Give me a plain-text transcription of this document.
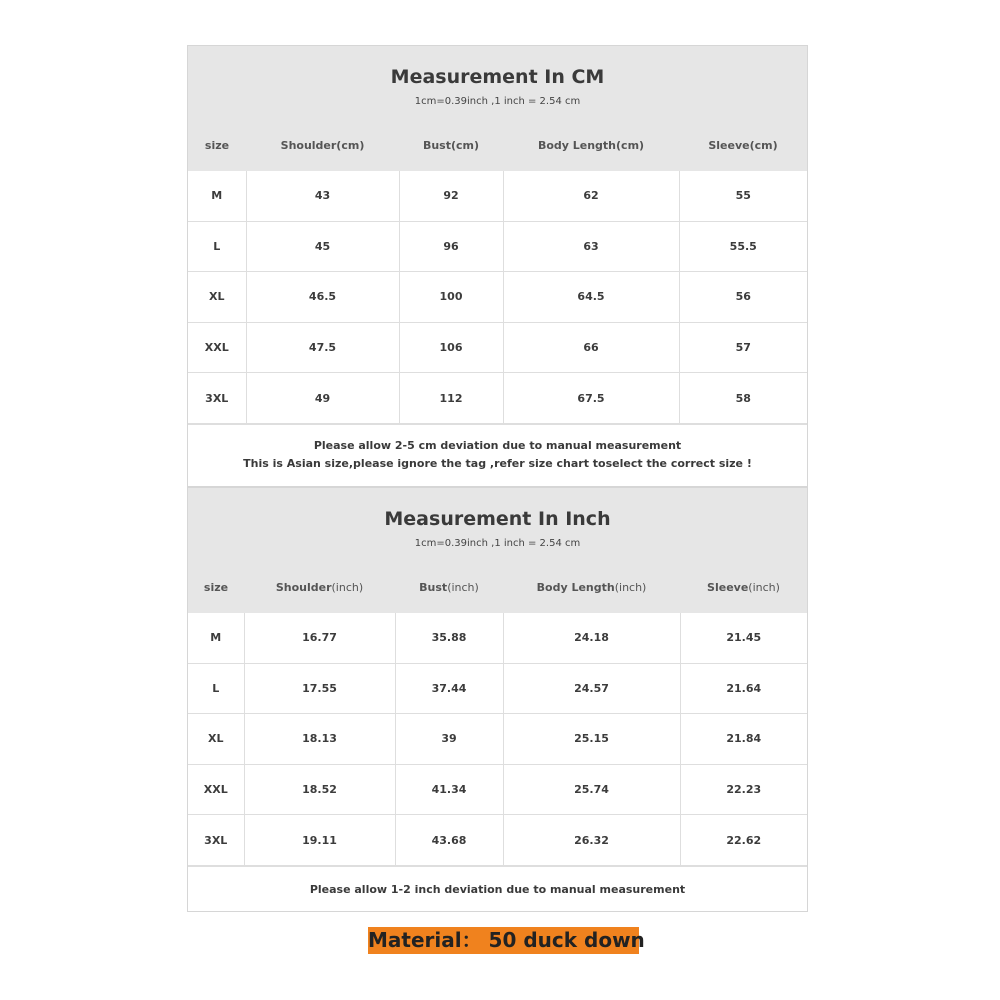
Measurement In CM
1cm=0.39inch ,1 inch = 2.54 cm
size	Shoulder(cm)	Bust(cm)	Body Length(cm)	Sleeve(cm)
M	43	92	62	55
L	45	96	63	55.5
XL	46.5	100	64.5	56
XXL	47.5	106	66	57
3XL	49	112	67.5	58
Please allow 2-5 cm deviation due to manual measurement
This is Asian size,please ignore the tag ,refer size chart toselect the correct size !
Measurement In Inch
1cm=0.39inch ,1 inch = 2.54 cm
size	Shoulder(inch)	Bust(inch)	Body Length(inch)	Sleeve(inch)
M	16.77	35.88	24.18	21.45
L	17.55	37.44	24.57	21.64
XL	18.13	39	25.15	21.84
XXL	18.52	41.34	25.74	22.23
3XL	19.11	43.68	26.32	22.62
Please allow 1-2 inch deviation due to manual measurement
Material： 50 duck down
